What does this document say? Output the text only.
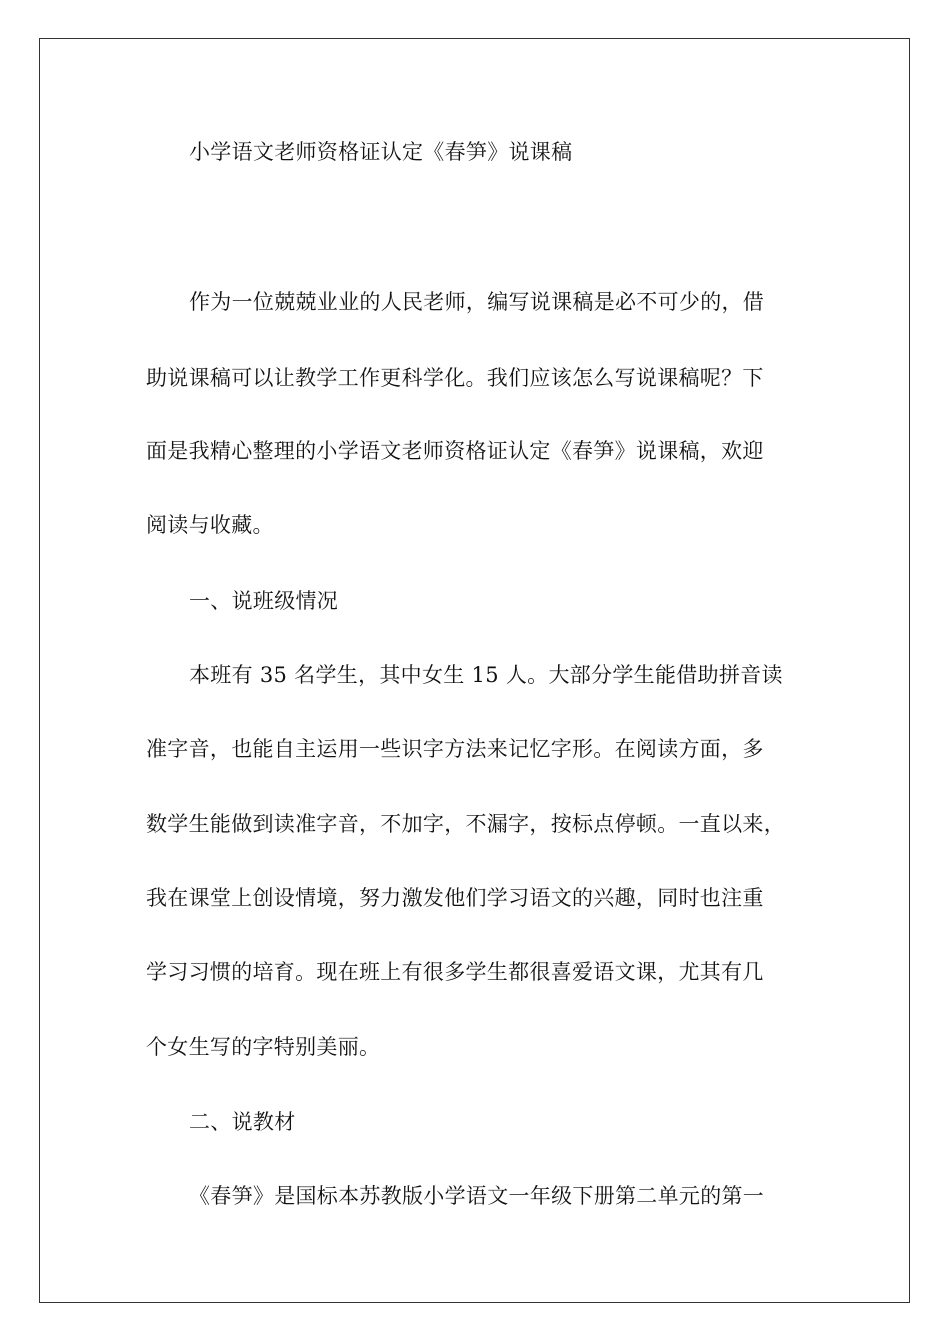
小学语文老师资格证认定《春笋》说课稿
作为一位兢兢业业的人民老师，编写说课稿是必不可少的，借
助说课稿可以让教学工作更科学化。我们应该怎么写说课稿呢？下
面是我精心整理的小学语文老师资格证认定《春笋》说课稿，欢迎
阅读与收藏。
一、说班级情况
本班有 35 名学生，其中女生 15 人。大部分学生能借助拼音读
准字音，也能自主运用一些识字方法来记忆字形。在阅读方面，多
数学生能做到读准字音，不加字，不漏字，按标点停顿。一直以来，
我在课堂上创设情境，努力激发他们学习语文的兴趣，同时也注重
学习习惯的培育。现在班上有很多学生都很喜爱语文课，尤其有几
个女生写的字特别美丽。
二、说教材
《春笋》是国标本苏教版小学语文一年级下册第二单元的第一
